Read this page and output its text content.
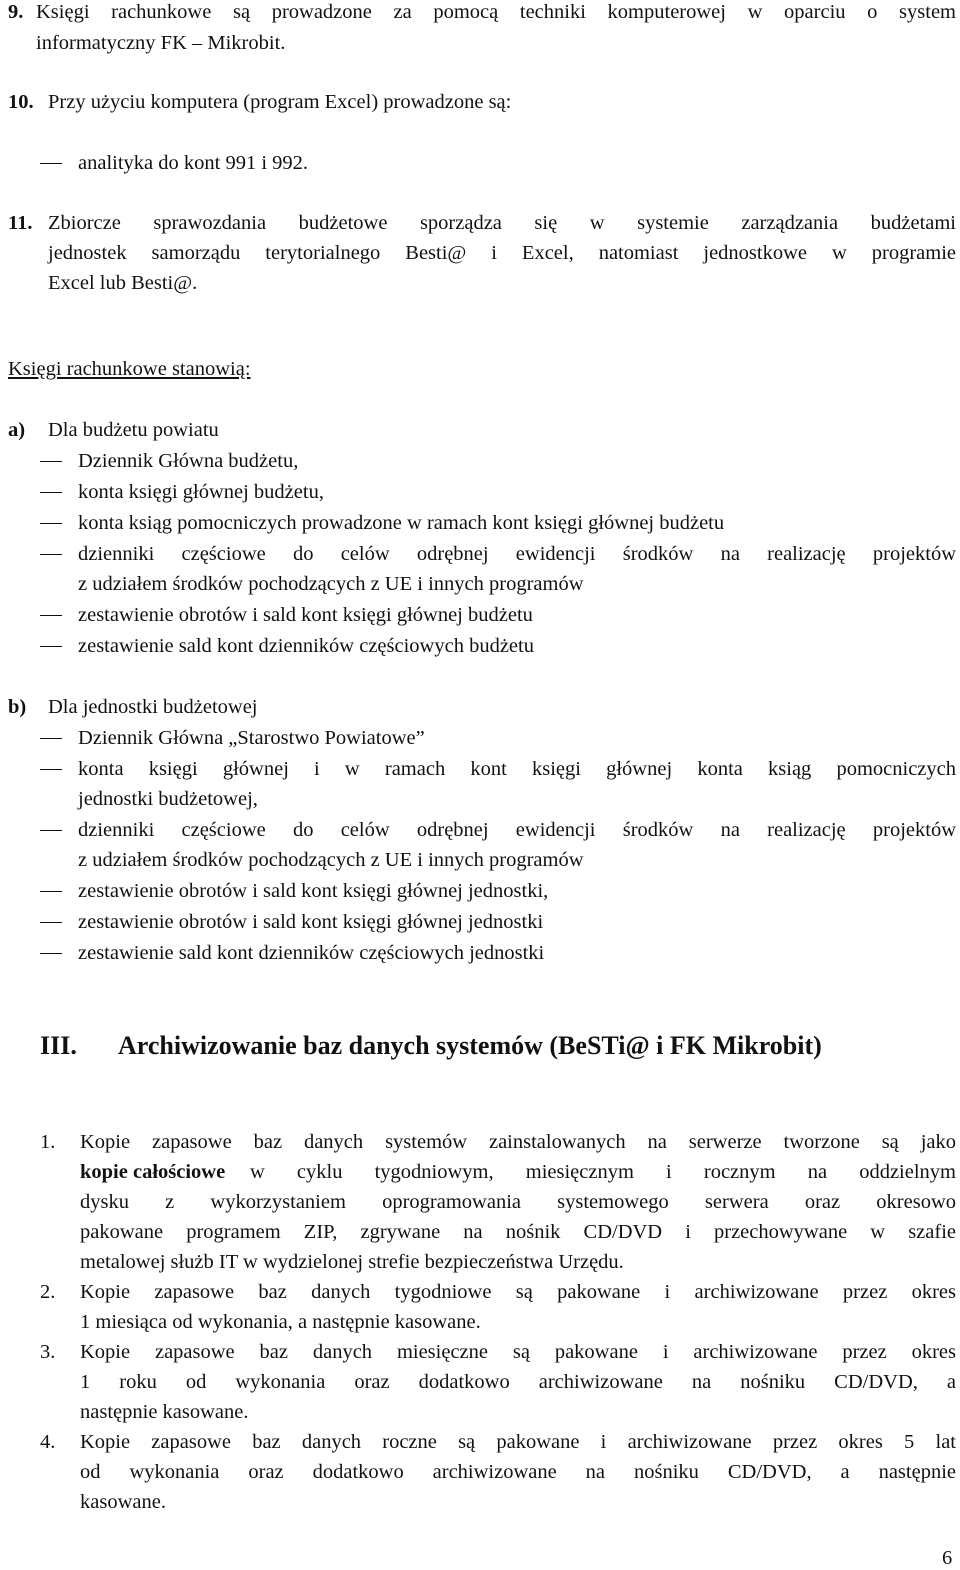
9. Księgi rachunkowe są prowadzone za pomocą techniki komputerowej w oparciu o system
informatyczny FK – Mikrobit.
10. Przy użyciu komputera (program Excel) prowadzone są:
analityka do kont 991 i 992.
11. Zbiorcze sprawozdania budżetowe sporządza się w systemie zarządzania budżetami
jednostek samorządu terytorialnego Besti@ i Excel, natomiast jednostkowe w programie
Excel lub Besti@.
Księgi rachunkowe stanowią:
a) Dla budżetu powiatu
Dziennik Główna budżetu,
konta księgi głównej budżetu,
konta ksiąg pomocniczych prowadzone w ramach kont księgi głównej budżetu
dzienniki częściowe do celów odrębnej ewidencji środków na realizację projektów
z udziałem środków pochodzących z UE i innych programów
zestawienie obrotów i sald kont księgi głównej budżetu
zestawienie sald kont dzienników częściowych budżetu
b) Dla jednostki budżetowej
Dziennik Główna „Starostwo Powiatowe”
konta księgi głównej i w ramach kont księgi głównej konta ksiąg pomocniczych
jednostki budżetowej,
dzienniki częściowe do celów odrębnej ewidencji środków na realizację projektów
z udziałem środków pochodzących z UE i innych programów
zestawienie obrotów i sald kont księgi głównej jednostki,
zestawienie obrotów i sald kont księgi głównej jednostki
zestawienie sald kont dzienników częściowych jednostki
III. Archiwizowanie baz danych systemów (BeSTi@ i FK Mikrobit)
1. Kopie zapasowe baz danych systemów zainstalowanych na serwerze tworzone są jako
kopie całościowe w cyklu tygodniowym, miesięcznym i rocznym na oddzielnym
dysku z wykorzystaniem oprogramowania systemowego serwera oraz okresowo
pakowane programem ZIP, zgrywane na nośnik CD/DVD i przechowywane w szafie
metalowej służb IT w wydzielonej strefie bezpieczeństwa Urzędu.
2. Kopie zapasowe baz danych tygodniowe są pakowane i archiwizowane przez okres
1 miesiąca od wykonania, a następnie kasowane.
3. Kopie zapasowe baz danych miesięczne są pakowane i archiwizowane przez okres
1 roku od wykonania oraz dodatkowo archiwizowane na nośniku CD/DVD, a
następnie kasowane.
4. Kopie zapasowe baz danych roczne są pakowane i archiwizowane przez okres 5 lat
od wykonania oraz dodatkowo archiwizowane na nośniku CD/DVD, a następnie
kasowane.
6
